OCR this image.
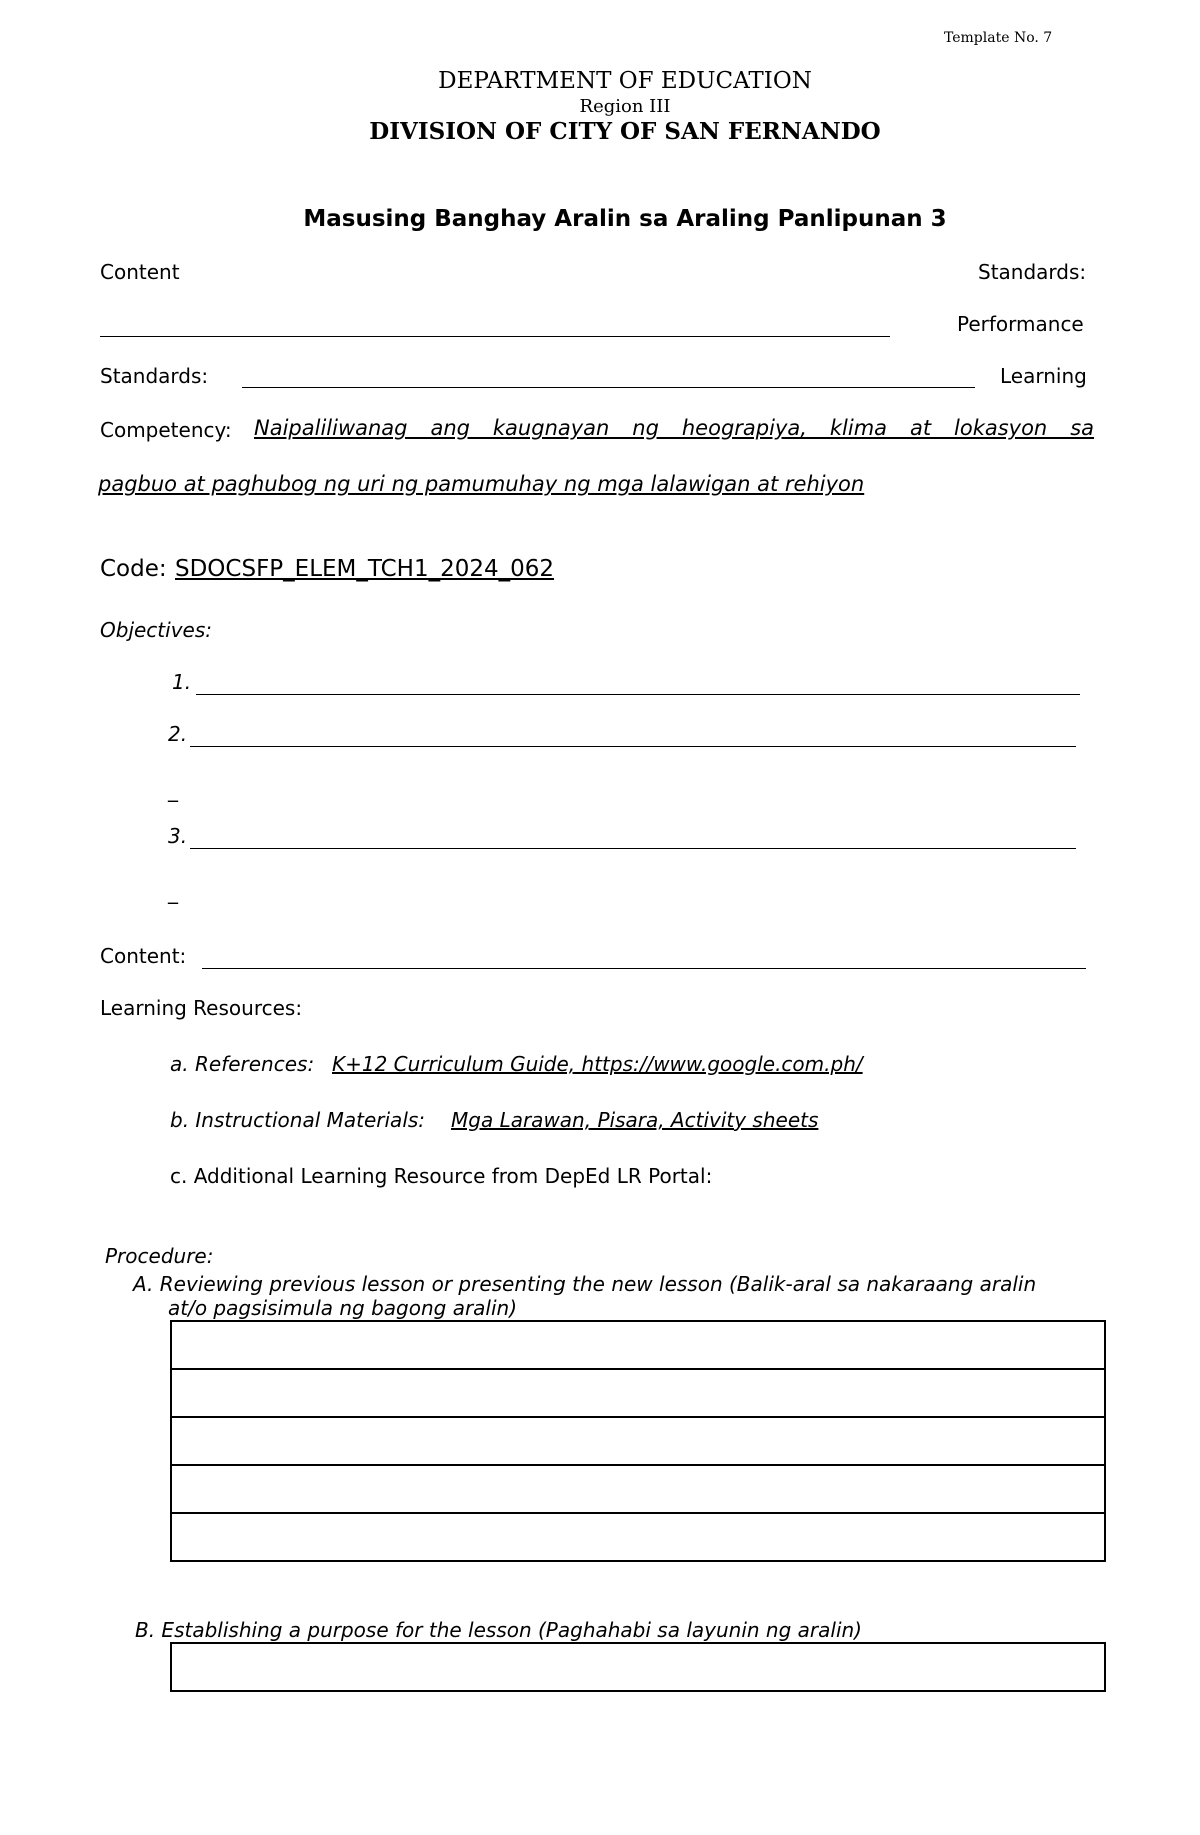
Template No. 7
DEPARTMENT OF EDUCATION
Region III
DIVISION OF CITY OF SAN FERNANDO
Masusing Banghay Aralin sa Araling Panlipunan 3
Content	Standards:
Performance
Standards:	Learning
Competency: Naipaliliwanag ang kaugnayan ng heograpiya, klima at lokasyon sa
pagbuo at paghubog ng uri ng pamumuhay ng mga lalawigan at rehiyon
Code: SDOCSFP_ELEM_TCH1_2024_062
Objectives:
1.
2.
_
3.
_
Content:
Learning Resources:
a. References: K+12 Curriculum Guide, https://www.google.com.ph/
b. Instructional Materials: Mga Larawan, Pisara, Activity sheets
c. Additional Learning Resource from DepEd LR Portal:
Procedure:
A. Reviewing previous lesson or presenting the new lesson (Balik-aral sa nakaraang aralin
at/o pagsisimula ng bagong aralin)
B. Establishing a purpose for the lesson (Paghahabi sa layunin ng aralin)
